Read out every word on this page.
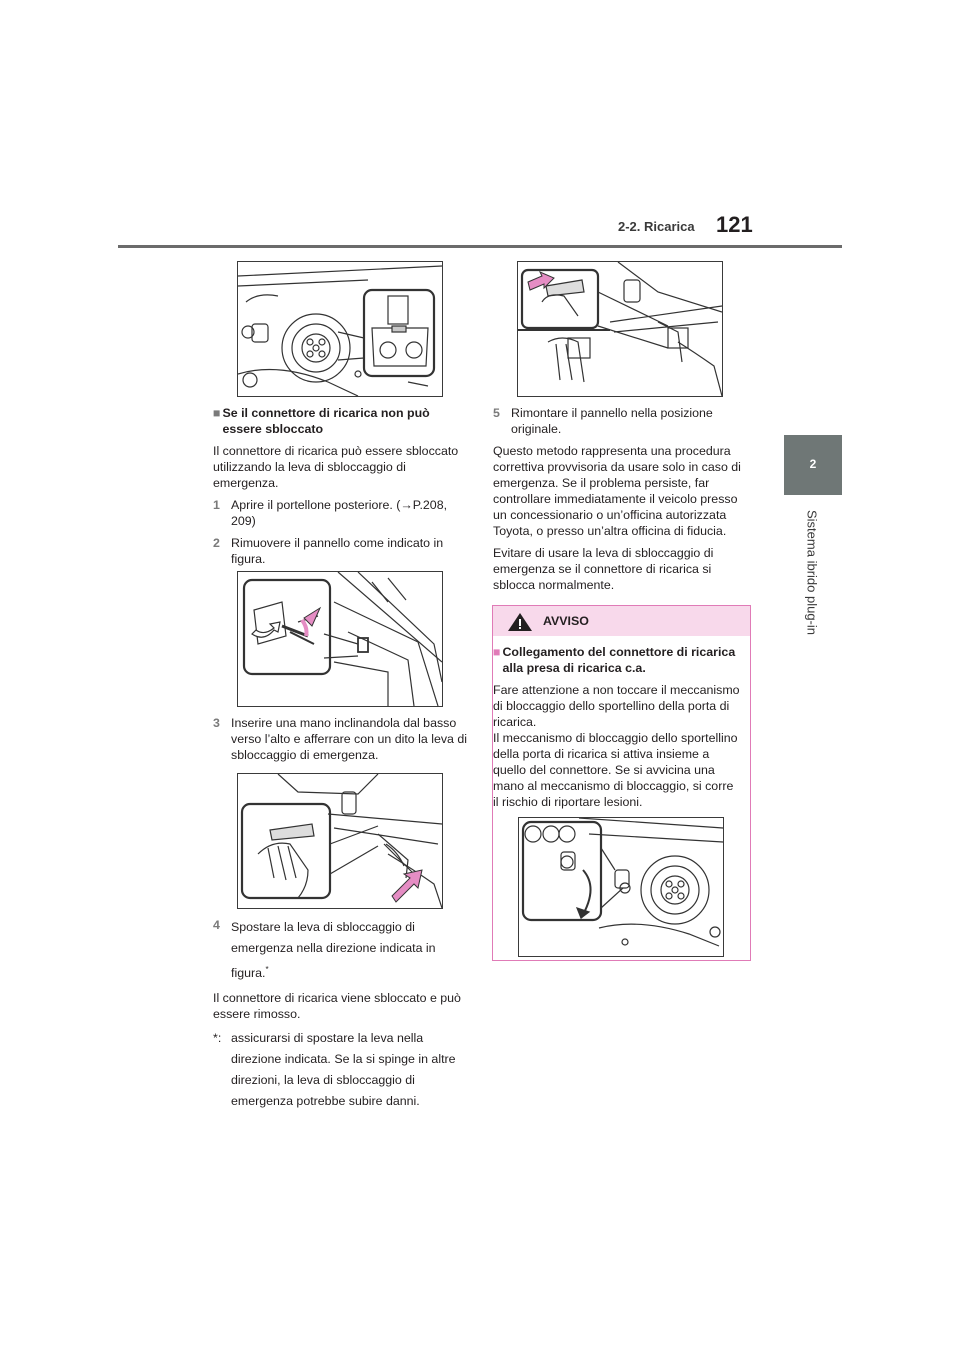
2-2. Ricarica 121
2
Sistema ibrido plug-in
■ Se il connettore di ricarica non può essere sbloccato

Il connettore di ricarica può essere sbloccato utilizzando la leva di sbloccaggio di emergenza.

1 Aprire il portellone posteriore. (→P.208, 209)
2 Rimuovere il pannello come indicato in figura.
3 Inserire una mano inclinandola dal basso verso l’alto e afferrare con un dito la leva di sbloccaggio di emergenza.
4 Spostare la leva di sbloccaggio di emergenza nella direzione indicata in figura.*

Il connettore di ricarica viene sbloccato e può essere rimosso.

*: assicurarsi di spostare la leva nella direzione indicata. Se la si spinge in altre direzioni, la leva di sbloccaggio di emergenza potrebbe subire danni.
5 Rimontare il pannello nella posizione originale.

Questo metodo rappresenta una procedura correttiva provvisoria da usare solo in caso di emergenza. Se il problema persiste, far controllare immediatamente il veicolo presso un concessionario o un’officina autorizzata Toyota, o presso un’altra officina di fiducia.

Evitare di usare la leva di sbloccaggio di emergenza se il connettore di ricarica si sblocca normalmente.

AVVISO
■ Collegamento del connettore di ricarica alla presa di ricarica c.a.

Fare attenzione a non toccare il meccanismo di bloccaggio dello sportellino della porta di ricarica.

Il meccanismo di bloccaggio dello sportellino della porta di ricarica si attiva insieme a quello del connettore. Se si avvicina una mano al meccanismo di bloccaggio, si corre il rischio di riportare lesioni.
